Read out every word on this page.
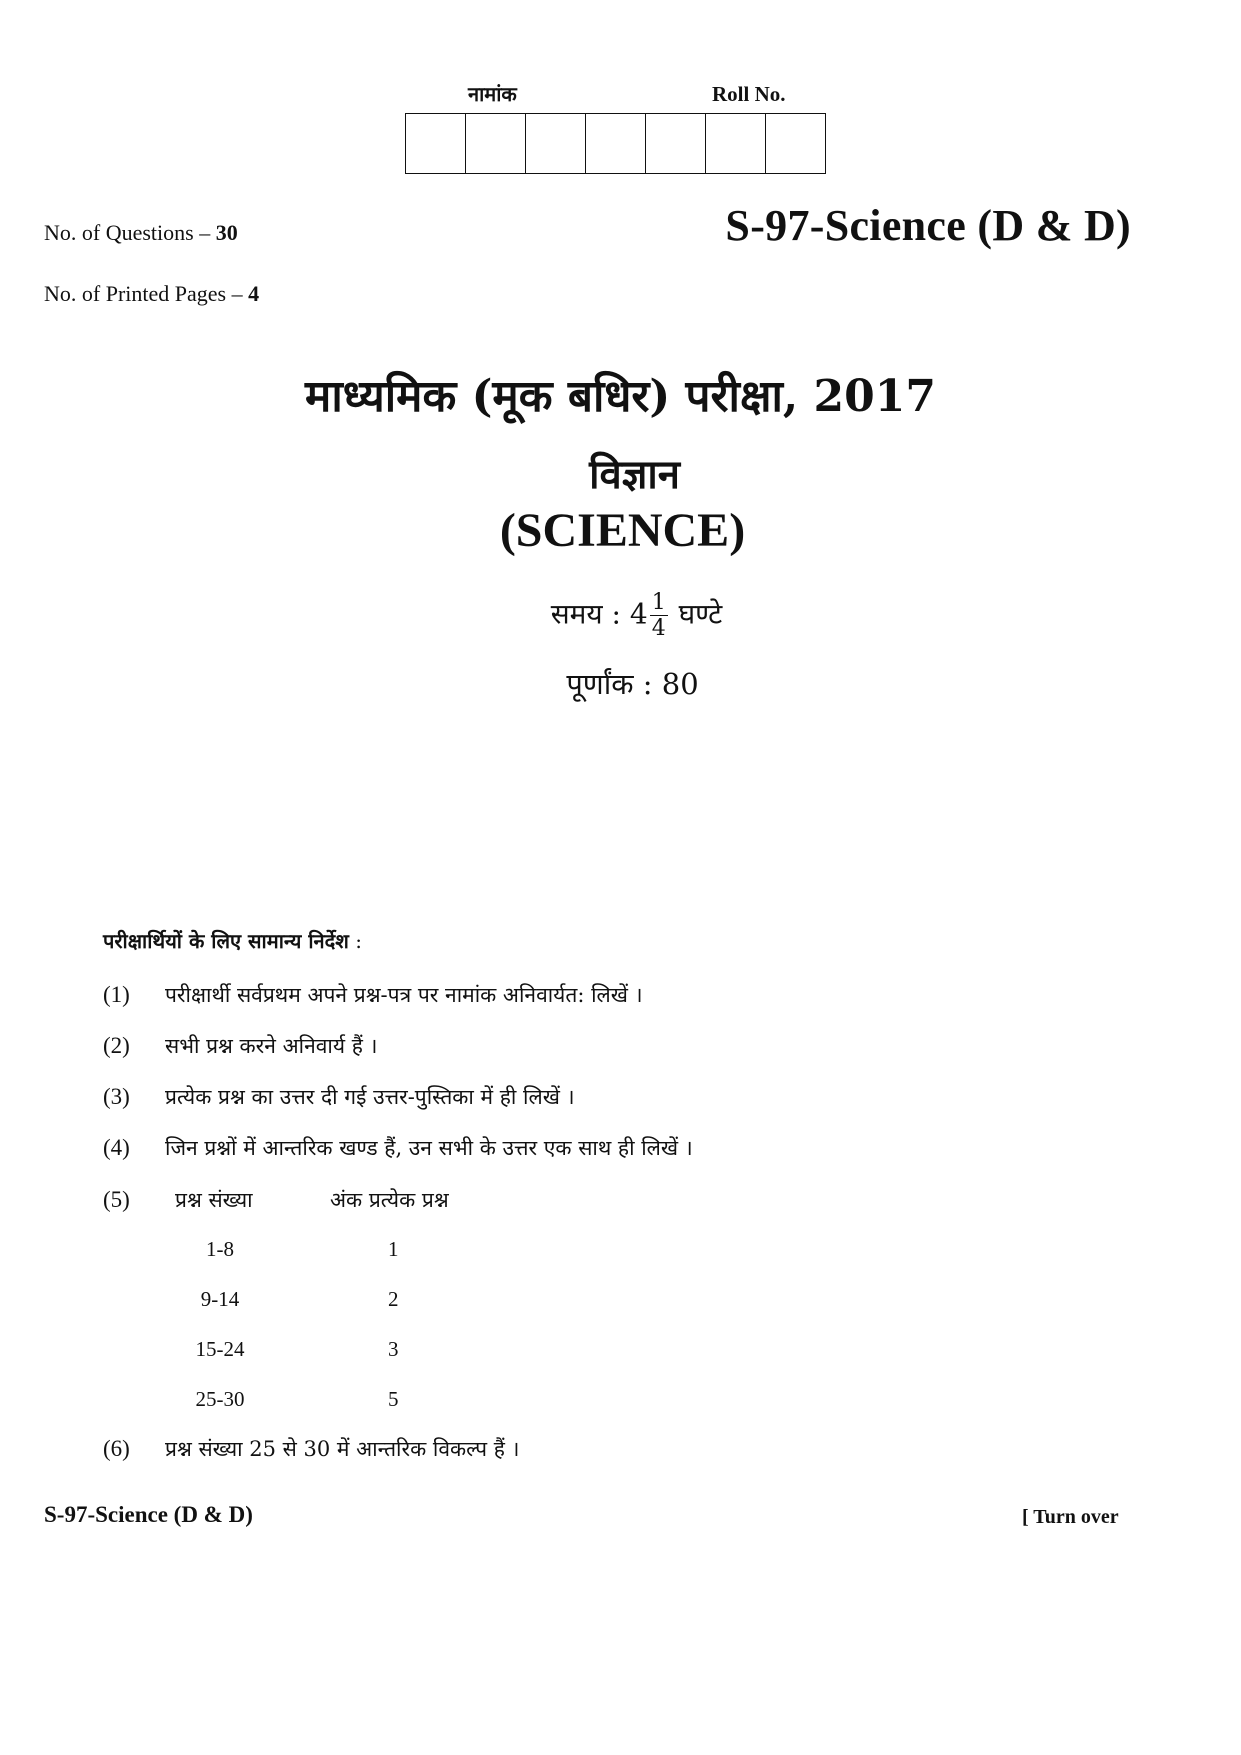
नामांक	Roll No.
No. of Questions – 30	S-97-Science (D & D)
No. of Printed Pages – 4
माध्यमिक (मूक बधिर) परीक्षा, 2017
विज्ञान
(SCIENCE)
समय : $4 \frac{1}{4}$ घण्टे
पूर्णांक : 80
परीक्षार्थियों के लिए सामान्य निर्देश :
(1) परीक्षार्थी सर्वप्रथम अपने प्रश्न-पत्र पर नामांक अनिवार्यत: लिखें ।
(2) सभी प्रश्न करने अनिवार्य हैं ।
(3) प्रत्येक प्रश्न का उत्तर दी गई उत्तर-पुस्तिका में ही लिखें ।
(4) जिन प्रश्नों में आन्तरिक खण्ड हैं, उन सभी के उत्तर एक साथ ही लिखें ।
(5) प्रश्न संख्या	अंक प्रत्येक प्रश्न
1-8	1
9-14	2
15-24	3
25-30	5
(6) प्रश्न संख्या 25 से 30 में आन्तरिक विकल्प हैं ।
S-97-Science (D & D)	[ Turn over
